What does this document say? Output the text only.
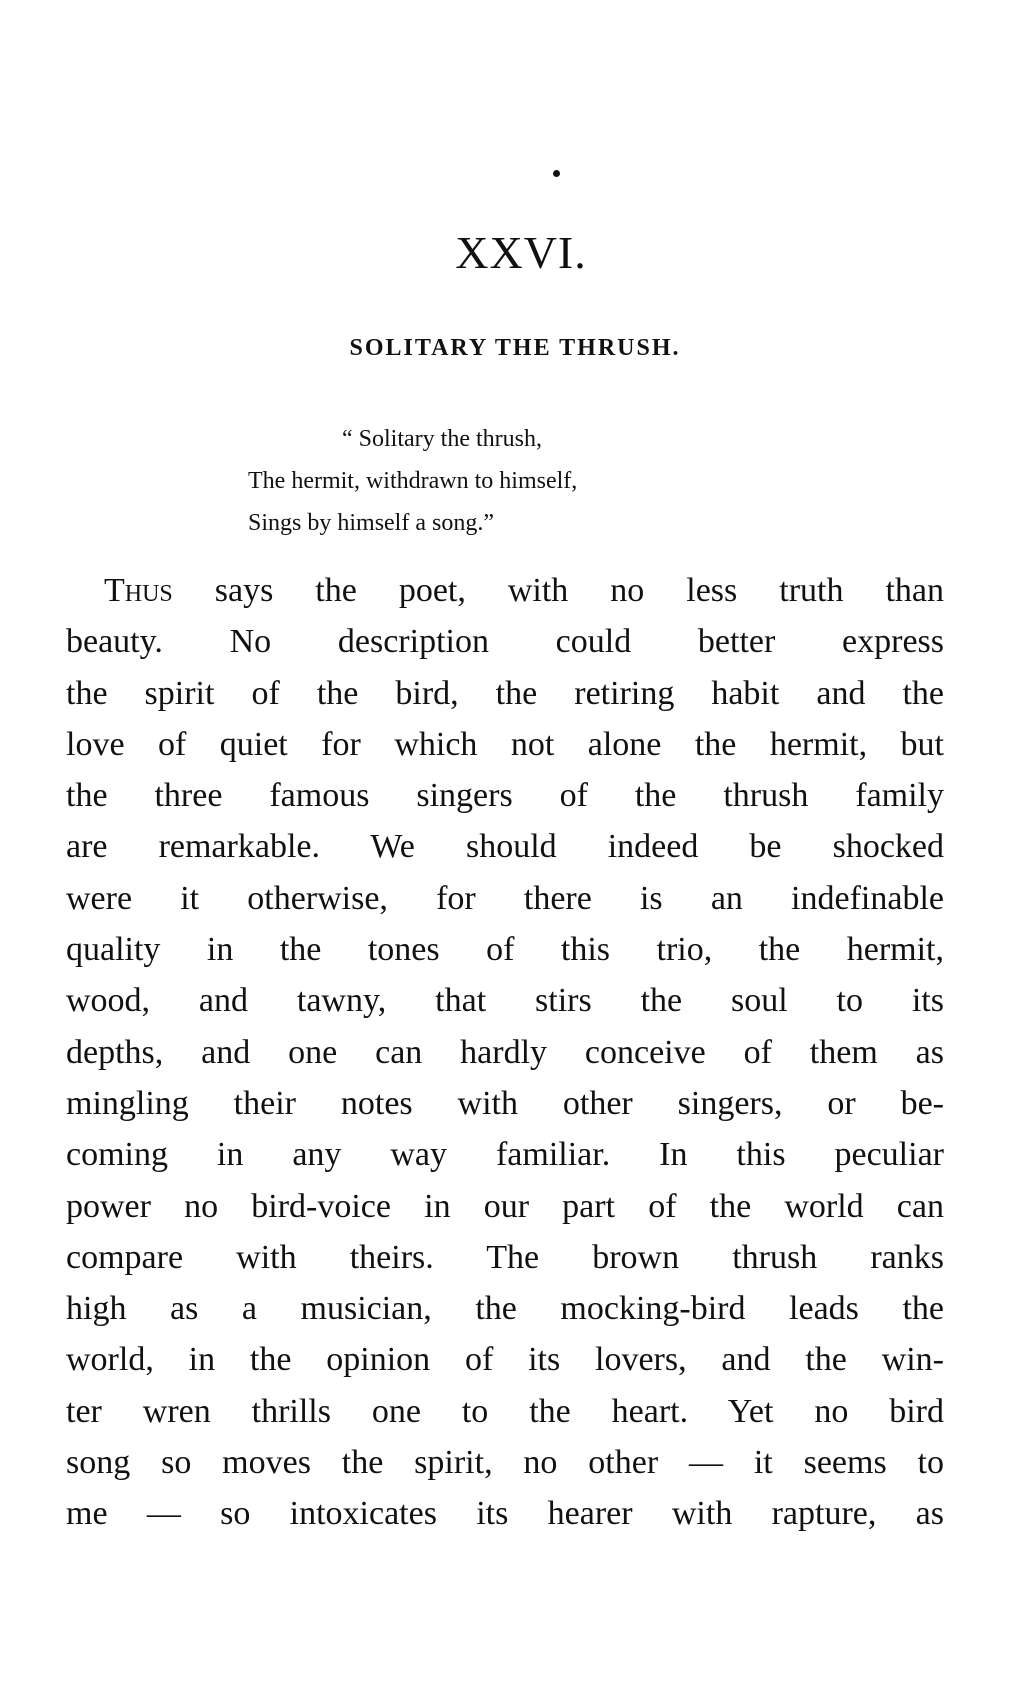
XXVI.
SOLITARY THE THRUSH.
“ Solitary the thrush,
The hermit, withdrawn to himself,
Sings by himself a song.”
Thus says the poet, with no less truth than
beauty. No description could better express
the spirit of the bird, the retiring habit and the
love of quiet for which not alone the hermit, but
the three famous singers of the thrush family
are remarkable. We should indeed be shocked
were it otherwise, for there is an indefinable
quality in the tones of this trio, the hermit,
wood, and tawny, that stirs the soul to its
depths, and one can hardly conceive of them as
mingling their notes with other singers, or be-
coming in any way familiar. In this peculiar
power no bird-voice in our part of the world can
compare with theirs. The brown thrush ranks
high as a musician, the mocking-bird leads the
world, in the opinion of its lovers, and the win-
ter wren thrills one to the heart. Yet no bird
song so moves the spirit, no other — it seems to
me — so intoxicates its hearer with rapture, as
